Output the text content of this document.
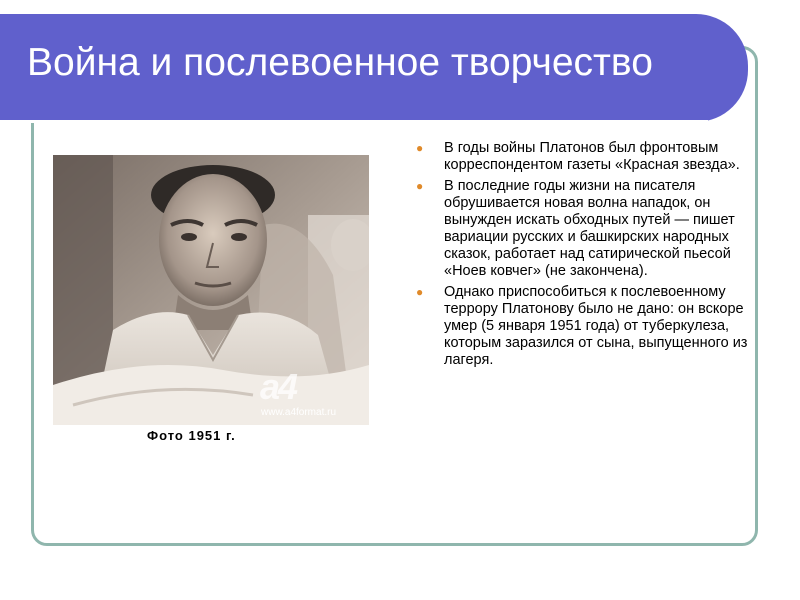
Война и послевоенное творчество
а4
www.a4format.ru
Фото 1951 г.
● В годы войны Платонов был фронтовым корреспондентом газеты «Красная звезда».
● В последние годы жизни на писателя обрушивается новая волна нападок, он вынужден искать обходных путей — пишет вариации русских и башкирских народных сказок, работает над сатирической пьесой «Ноев ковчег» (не закончена).
● Однако приспособиться к послевоенному террору Платонову было не дано: он вскоре умер (5 января 1951 года) от туберкулеза, которым заразился от сына, выпущенного из лагеря.
